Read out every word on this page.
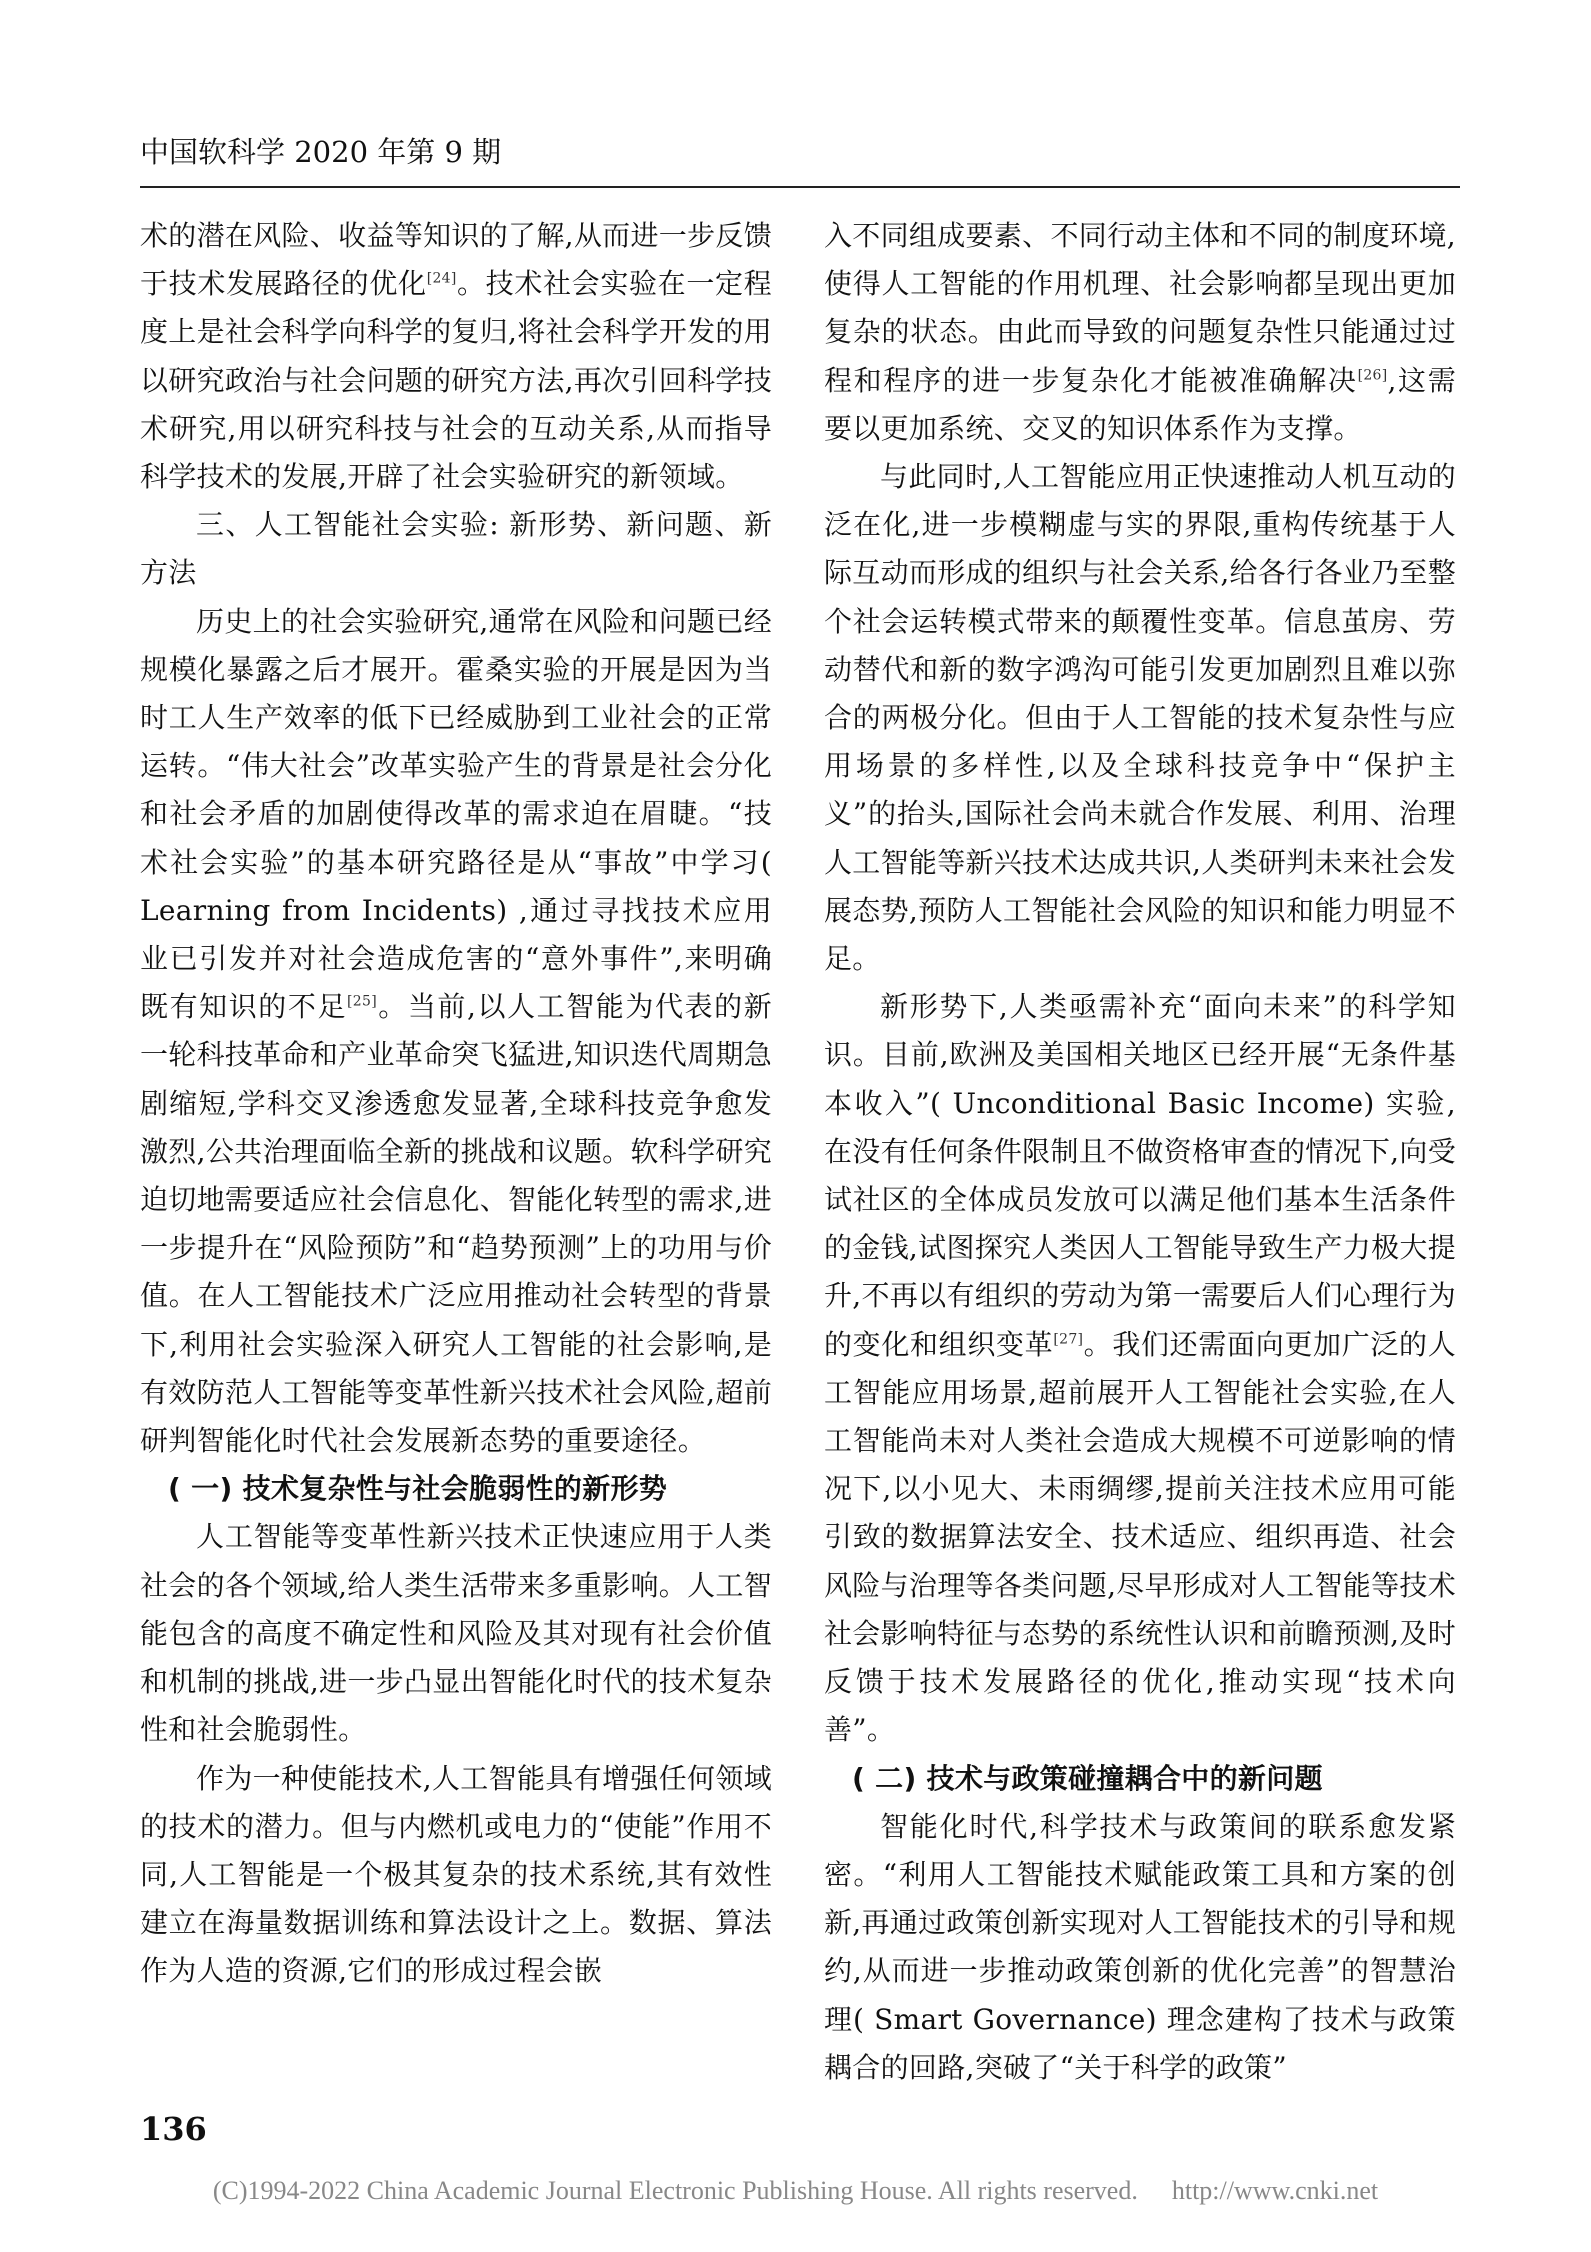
中国软科学 2020 年第 9 期

术的潜在风险、收益等知识的了解,从而进一步反馈于技术发展路径的优化[24]。技术社会实验在一定程度上是社会科学向科学的复归,将社会科学开发的用以研究政治与社会问题的研究方法,再次引回科学技术研究,用以研究科技与社会的互动关系,从而指导科学技术的发展,开辟了社会实验研究的新领域。

三、人工智能社会实验: 新形势、新问题、新方法

历史上的社会实验研究,通常在风险和问题已经规模化暴露之后才展开。霍桑实验的开展是因为当时工人生产效率的低下已经威胁到工业社会的正常运转。“伟大社会”改革实验产生的背景是社会分化和社会矛盾的加剧使得改革的需求迫在眉睫。“技术社会实验”的基本研究路径是从“事故”中学习( Learning from Incidents) ,通过寻找技术应用业已引发并对社会造成危害的“意外事件”,来明确既有知识的不足[25]。当前,以人工智能为代表的新一轮科技革命和产业革命突飞猛进,知识迭代周期急剧缩短,学科交叉渗透愈发显著,全球科技竞争愈发激烈,公共治理面临全新的挑战和议题。软科学研究迫切地需要适应社会信息化、智能化转型的需求,进一步提升在“风险预防”和“趋势预测”上的功用与价值。在人工智能技术广泛应用推动社会转型的背景下,利用社会实验深入研究人工智能的社会影响,是有效防范人工智能等变革性新兴技术社会风险,超前研判智能化时代社会发展新态势的重要途径。

( 一) 技术复杂性与社会脆弱性的新形势

人工智能等变革性新兴技术正快速应用于人类社会的各个领域,给人类生活带来多重影响。人工智能包含的高度不确定性和风险及其对现有社会价值和机制的挑战,进一步凸显出智能化时代的技术复杂性和社会脆弱性。

作为一种使能技术,人工智能具有增强任何领域的技术的潜力。但与内燃机或电力的“使能”作用不同,人工智能是一个极其复杂的技术系统,其有效性建立在海量数据训练和算法设计之上。数据、算法作为人造的资源,它们的形成过程会嵌

入不同组成要素、不同行动主体和不同的制度环境,使得人工智能的作用机理、社会影响都呈现出更加复杂的状态。由此而导致的问题复杂性只能通过过程和程序的进一步复杂化才能被准确解决[26],这需要以更加系统、交叉的知识体系作为支撑。

与此同时,人工智能应用正快速推动人机互动的泛在化,进一步模糊虚与实的界限,重构传统基于人际互动而形成的组织与社会关系,给各行各业乃至整个社会运转模式带来的颠覆性变革。信息茧房、劳动替代和新的数字鸿沟可能引发更加剧烈且难以弥合的两极分化。但由于人工智能的技术复杂性与应用场景的多样性,以及全球科技竞争中“保护主义”的抬头,国际社会尚未就合作发展、利用、治理人工智能等新兴技术达成共识,人类研判未来社会发展态势,预防人工智能社会风险的知识和能力明显不足。

新形势下,人类亟需补充“面向未来”的科学知识。目前,欧洲及美国相关地区已经开展“无条件基本收入”( Unconditional Basic Income) 实验,在没有任何条件限制且不做资格审查的情况下,向受试社区的全体成员发放可以满足他们基本生活条件的金钱,试图探究人类因人工智能导致生产力极大提升,不再以有组织的劳动为第一需要后人们心理行为的变化和组织变革[27]。我们还需面向更加广泛的人工智能应用场景,超前展开人工智能社会实验,在人工智能尚未对人类社会造成大规模不可逆影响的情况下,以小见大、未雨绸缪,提前关注技术应用可能引致的数据算法安全、技术适应、组织再造、社会风险与治理等各类问题,尽早形成对人工智能等技术社会影响特征与态势的系统性认识和前瞻预测,及时反馈于技术发展路径的优化,推动实现“技术向善”。

( 二) 技术与政策碰撞耦合中的新问题

智能化时代,科学技术与政策间的联系愈发紧密。“利用人工智能技术赋能政策工具和方案的创新,再通过政策创新实现对人工智能技术的引导和规约,从而进一步推动政策创新的优化完善”的智慧治理( Smart Governance) 理念建构了技术与政策耦合的回路,突破了“关于科学的政策”

136
(C)1994-2022 China Academic Journal Electronic Publishing House. All rights reserved. http://www.cnki.net
